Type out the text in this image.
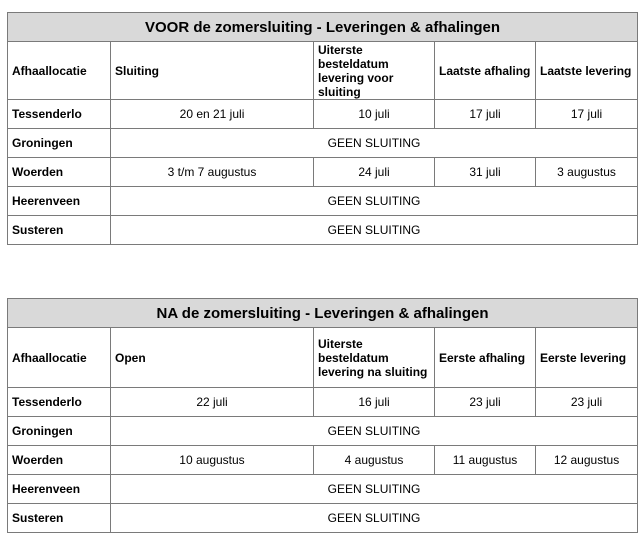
VOOR de zomersluiting - Leveringen & afhalingen				
Afhaallocatie	Sluiting	Uiterste besteldatum levering voor sluiting	Laatste afhaling	Laatste levering
Tessenderlo	20 en 21 juli	10 juli	17 juli	17 juli
Groningen	GEEN SLUITING			
Woerden	3 t/m 7 augustus	24 juli	31 juli	3 augustus
Heerenveen	GEEN SLUITING			
Susteren	GEEN SLUITING			
NA de zomersluiting - Leveringen & afhalingen				
Afhaallocatie	Open	Uiterste besteldatum levering na sluiting	Eerste afhaling	Eerste levering
Tessenderlo	22 juli	16 juli	23 juli	23 juli
Groningen	GEEN SLUITING			
Woerden	10 augustus	4 augustus	11 augustus	12 augustus
Heerenveen	GEEN SLUITING			
Susteren	GEEN SLUITING			
